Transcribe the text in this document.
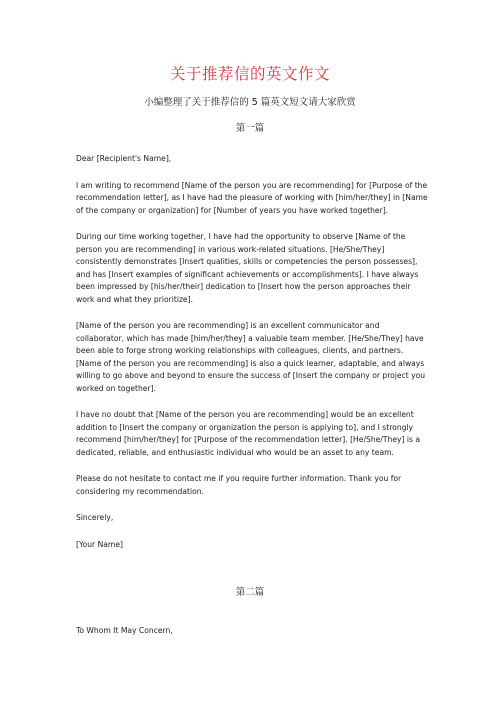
关于推荐信的英文作文
小编整理了关于推荐信的 5 篇英文短文请大家欣赏
第一篇

Dear [Recipient's Name],

I am writing to recommend [Name of the person you are recommending] for [Purpose of the recommendation letter], as I have had the pleasure of working with [him/her/they] in [Name of the company or organization] for [Number of years you have worked together].

During our time working together, I have had the opportunity to observe [Name of the person you are recommending] in various work-related situations. [He/She/They] consistently demonstrates [Insert qualities, skills or competencies the person possesses], and has [Insert examples of significant achievements or accomplishments]. I have always been impressed by [his/her/their] dedication to [Insert how the person approaches their work and what they prioritize].

[Name of the person you are recommending] is an excellent communicator and collaborator, which has made [him/her/they] a valuable team member. [He/She/They] have been able to forge strong working relationships with colleagues, clients, and partners. [Name of the person you are recommending] is also a quick learner, adaptable, and always willing to go above and beyond to ensure the success of [Insert the company or project you worked on together].

I have no doubt that [Name of the person you are recommending] would be an excellent addition to [Insert the company or organization the person is applying to], and I strongly recommend [him/her/they] for [Purpose of the recommendation letter]. [He/She/They] is a dedicated, reliable, and enthusiastic individual who would be an asset to any team.

Please do not hesitate to contact me if you require further information. Thank you for considering my recommendation.

Sincerely,

[Your Name]

第二篇

To Whom It May Concern,
